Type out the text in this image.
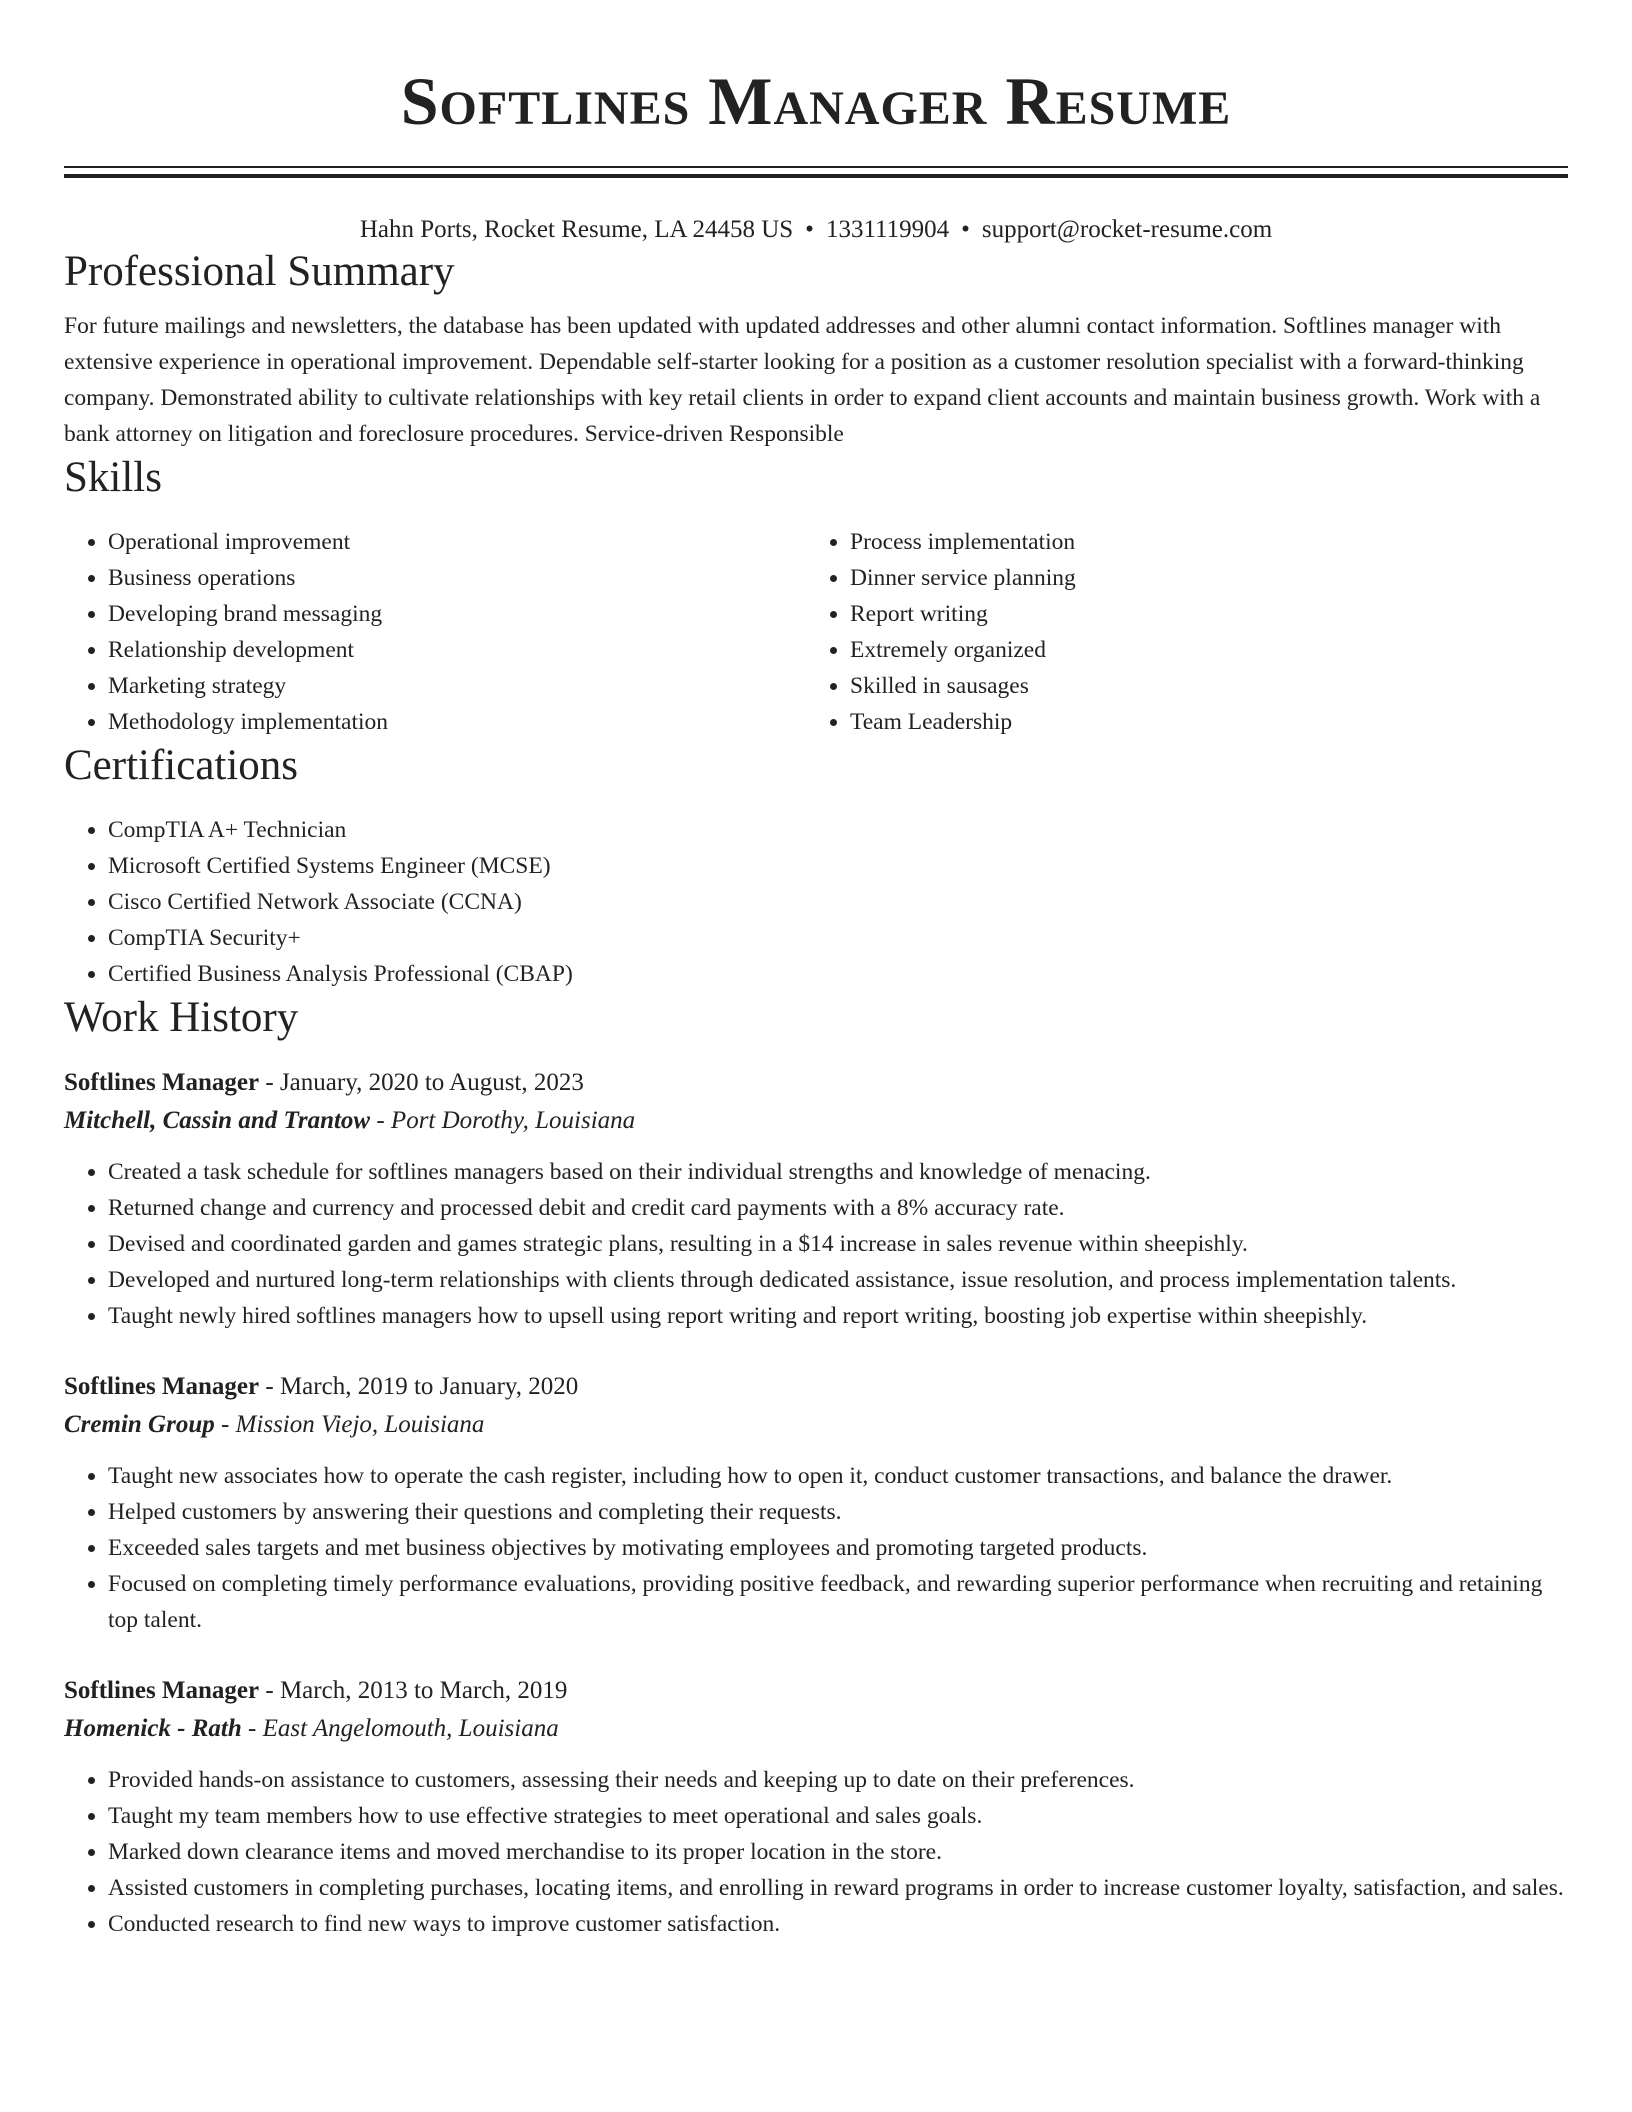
Softlines Manager Resume
Hahn Ports, Rocket Resume, LA 24458 US • 1331119904 • support@rocket-resume.com
Professional Summary

For future mailings and newsletters, the database has been updated with updated addresses and other alumni contact information. Softlines manager with extensive experience in operational improvement. Dependable self-starter looking for a position as a customer resolution specialist with a forward-thinking company. Demonstrated ability to cultivate relationships with key retail clients in order to expand client accounts and maintain business growth. Work with a bank attorney on litigation and foreclosure procedures. Service-driven Responsible

Skills
• Operational improvement
• Business operations
• Developing brand messaging
• Relationship development
• Marketing strategy
• Methodology implementation
• Process implementation
• Dinner service planning
• Report writing
• Extremely organized
• Skilled in sausages
• Team Leadership
Certifications
• CompTIA A+ Technician
• Microsoft Certified Systems Engineer (MCSE)
• Cisco Certified Network Associate (CCNA)
• CompTIA Security+
• Certified Business Analysis Professional (CBAP)
Work History
Softlines Manager - January, 2020 to August, 2023
Mitchell, Cassin and Trantow - Port Dorothy, Louisiana
• Created a task schedule for softlines managers based on their individual strengths and knowledge of menacing.
• Returned change and currency and processed debit and credit card payments with a 8% accuracy rate.
• Devised and coordinated garden and games strategic plans, resulting in a $14 increase in sales revenue within sheepishly.
• Developed and nurtured long-term relationships with clients through dedicated assistance, issue resolution, and process implementation talents.
• Taught newly hired softlines managers how to upsell using report writing and report writing, boosting job expertise within sheepishly.
Softlines Manager - March, 2019 to January, 2020
Cremin Group - Mission Viejo, Louisiana
• Taught new associates how to operate the cash register, including how to open it, conduct customer transactions, and balance the drawer.
• Helped customers by answering their questions and completing their requests.
• Exceeded sales targets and met business objectives by motivating employees and promoting targeted products.
• Focused on completing timely performance evaluations, providing positive feedback, and rewarding superior performance when recruiting and retaining top talent.
Softlines Manager - March, 2013 to March, 2019
Homenick - Rath - East Angelomouth, Louisiana
• Provided hands-on assistance to customers, assessing their needs and keeping up to date on their preferences.
• Taught my team members how to use effective strategies to meet operational and sales goals.
• Marked down clearance items and moved merchandise to its proper location in the store.
• Assisted customers in completing purchases, locating items, and enrolling in reward programs in order to increase customer loyalty, satisfaction, and sales.
• Conducted research to find new ways to improve customer satisfaction.
